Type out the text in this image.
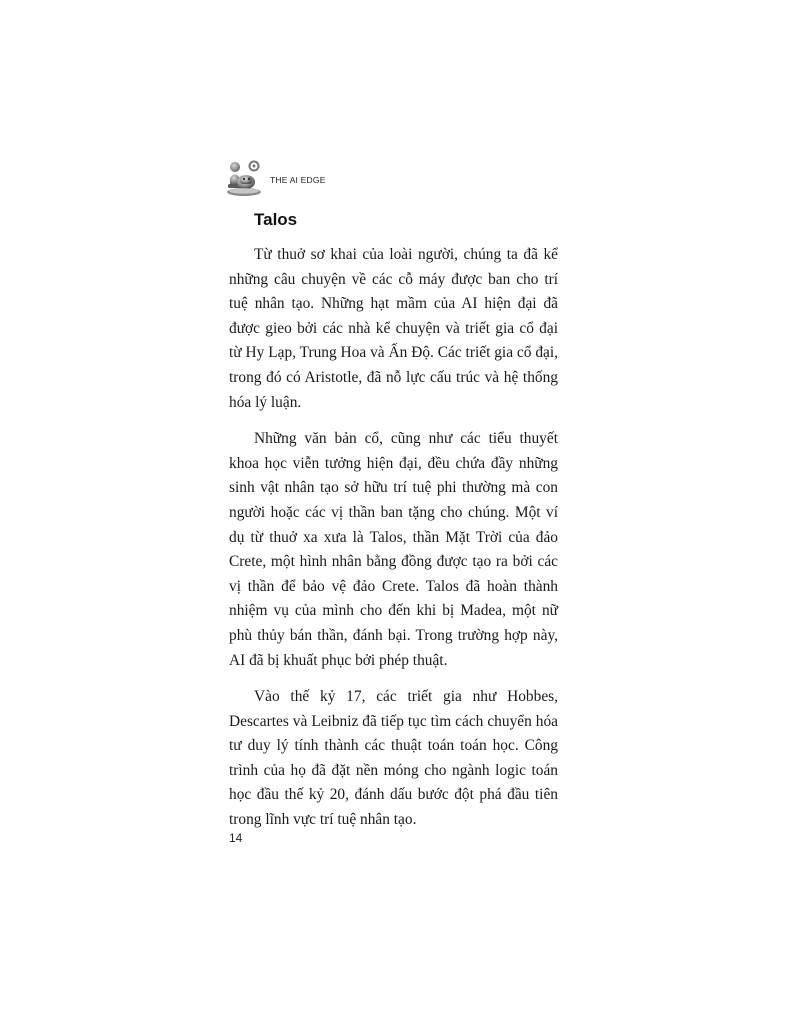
THE AI EDGE
Talos

Từ thuở sơ khai của loài người, chúng ta đã kể những câu chuyện về các cỗ máy được ban cho trí tuệ nhân tạo. Những hạt mầm của AI hiện đại đã được gieo bởi các nhà kể chuyện và triết gia cổ đại từ Hy Lạp, Trung Hoa và Ấn Độ. Các triết gia cổ đại, trong đó có Aristotle, đã nỗ lực cấu trúc và hệ thống hóa lý luận.

Những văn bản cổ, cũng như các tiểu thuyết khoa học viễn tưởng hiện đại, đều chứa đầy những sinh vật nhân tạo sở hữu trí tuệ phi thường mà con người hoặc các vị thần ban tặng cho chúng. Một ví dụ từ thuở xa xưa là Talos, thần Mặt Trời của đảo Crete, một hình nhân bằng đồng được tạo ra bởi các vị thần để bảo vệ đảo Crete. Talos đã hoàn thành nhiệm vụ của mình cho đến khi bị Madea, một nữ phù thủy bán thần, đánh bại. Trong trường hợp này, AI đã bị khuất phục bởi phép thuật.

Vào thế kỷ 17, các triết gia như Hobbes, Descartes và Leibniz đã tiếp tục tìm cách chuyển hóa tư duy lý tính thành các thuật toán toán học. Công trình của họ đã đặt nền móng cho ngành logic toán học đầu thế kỷ 20, đánh dấu bước đột phá đầu tiên trong lĩnh vực trí tuệ nhân tạo.

14
